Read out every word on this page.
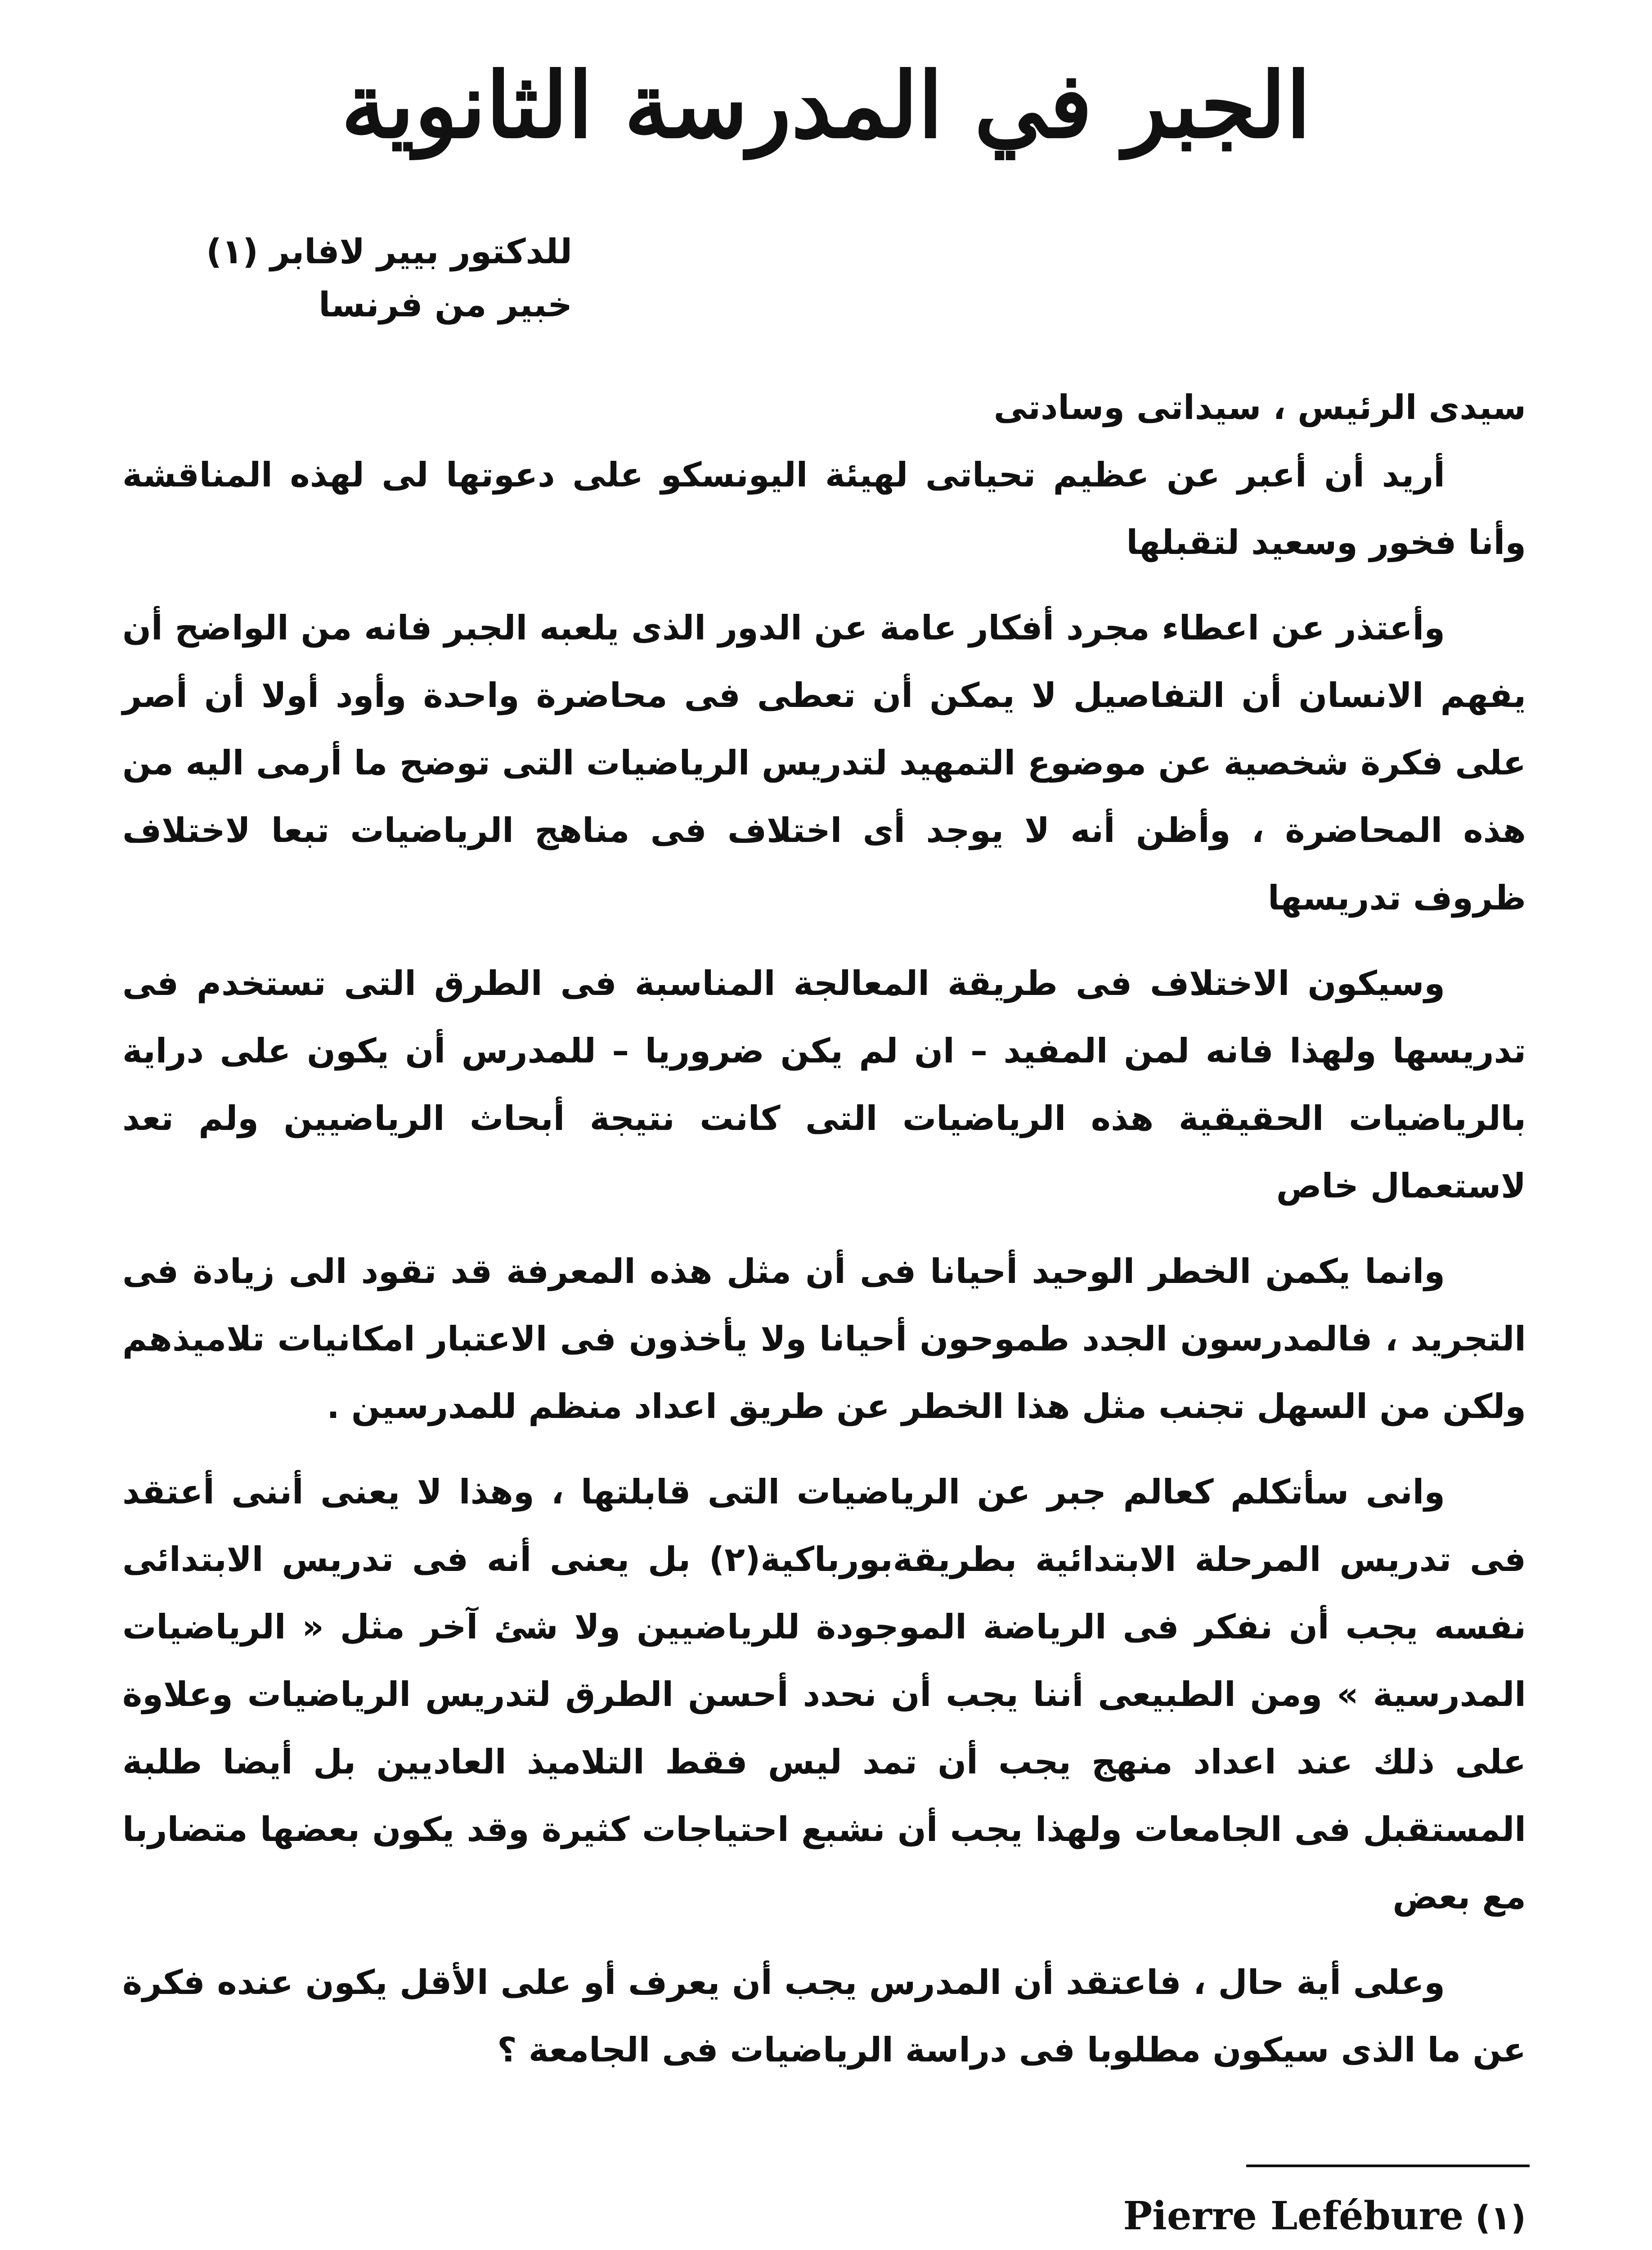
الجبر في المدرسة الثانوية
للدكتور بيير لافابر (١)
خبير من فرنسا

سيدى الرئيس ، سيداتى وسادتى

أريد أن أعبر عن عظيم تحياتى لهيئة اليونسكو على دعوتها لى لهذه المناقشة وأنا فخور وسعيد لتقبلها

وأعتذر عن اعطاء مجرد أفكار عامة عن الدور الذى يلعبه الجبر فانه من الواضح أن يفهم الانسان أن التفاصيل لا يمكن أن تعطى فى محاضرة واحدة وأود أولا أن أصر على فكرة شخصية عن موضوع التمهيد لتدريس الرياضيات التى توضح ما أرمى اليه من هذه المحاضرة ، وأظن أنه لا يوجد أى اختلاف فى مناهج الرياضيات تبعا لاختلاف ظروف تدريسها

وسيكون الاختلاف فى طريقة المعالجة المناسبة فى الطرق التى تستخدم فى تدريسها ولهذا فانه لمن المفيد – ان لم يكن ضروريا – للمدرس أن يكون على دراية بالرياضيات الحقيقية هذه الرياضيات التى كانت نتيجة أبحاث الرياضيين ولم تعد لاستعمال خاص

وانما يكمن الخطر الوحيد أحيانا فى أن مثل هذه المعرفة قد تقود الى زيادة فى التجريد ، فالمدرسون الجدد طموحون أحيانا ولا يأخذون فى الاعتبار امكانيات تلاميذهم ولكن من السهل تجنب مثل هذا الخطر عن طريق اعداد منظم للمدرسين .

وانى سأتكلم كعالم جبر عن الرياضيات التى قابلتها ، وهذا لا يعنى أننى أعتقد فى تدريس المرحلة الابتدائية بطريقةبورباكية(٢) بل يعنى أنه فى تدريس الابتدائى نفسه يجب أن نفكر فى الرياضة الموجودة للرياضيين ولا شئ آخر مثل « الرياضيات المدرسية » ومن الطبيعى أننا يجب أن نحدد أحسن الطرق لتدريس الرياضيات وعلاوة على ذلك عند اعداد منهج يجب أن تمد ليس فقط التلاميذ العاديين بل أيضا طلبة المستقبل فى الجامعات ولهذا يجب أن نشبع احتياجات كثيرة وقد يكون بعضها متضاربا مع بعض

وعلى أية حال ، فاعتقد أن المدرس يجب أن يعرف أو على الأقل يكون عنده فكرة عن ما الذى سيكون مطلوبا فى دراسة الرياضيات فى الجامعة ؟

(١) Pierre Lefébure
